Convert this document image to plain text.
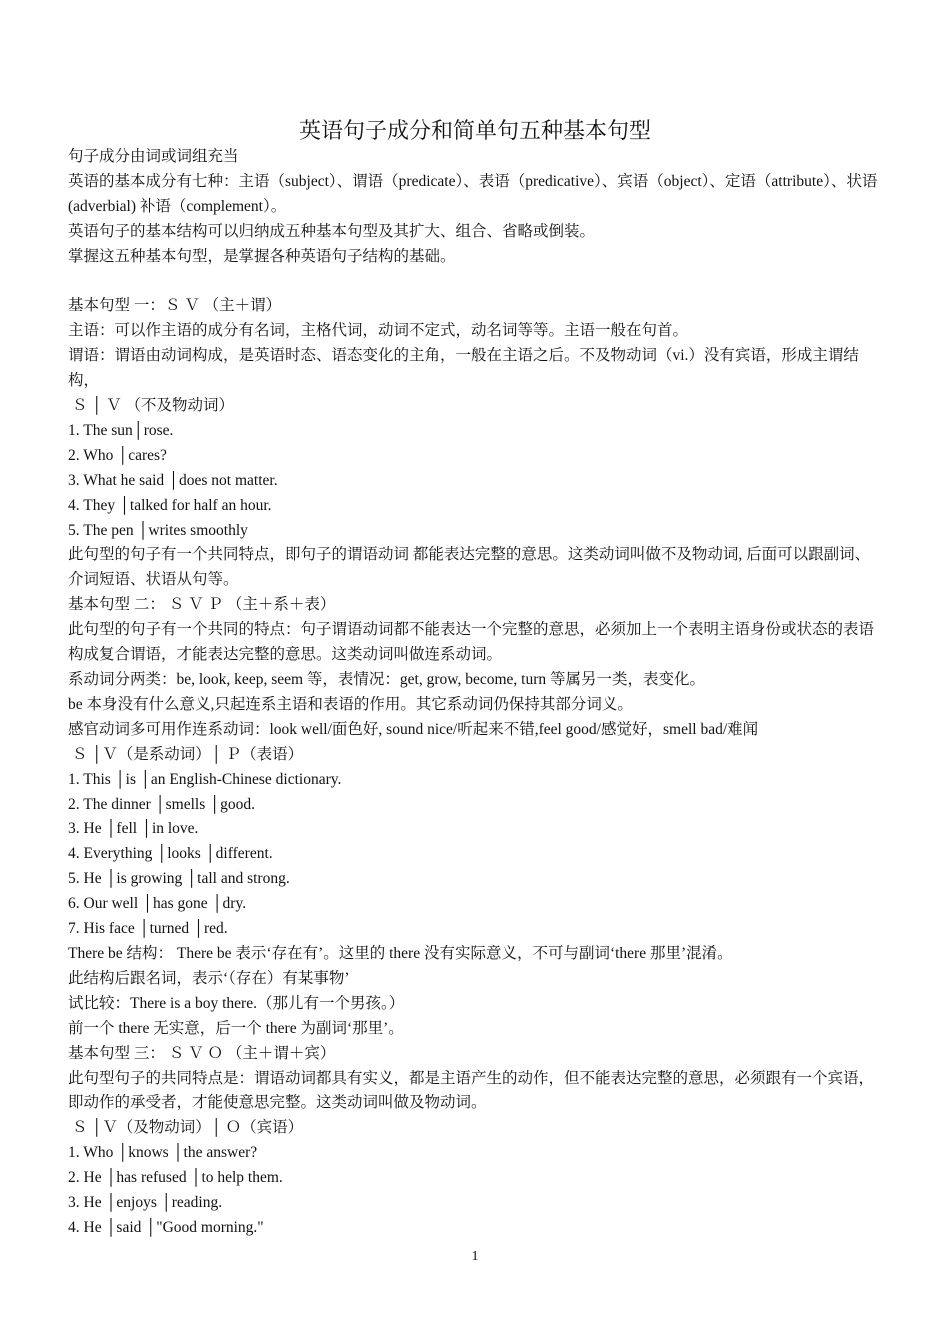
英语句子成分和简单句五种基本句型
句子成分由词或词组充当
英语的基本成分有七种：主语（subject）、谓语（predicate）、表语（predicative）、宾语（object）、定语（attribute）、状语(adverbial) 补语（complement）。
英语句子的基本结构可以归纳成五种基本句型及其扩大、组合、省略或倒装。
掌握这五种基本句型，是掌握各种英语句子结构的基础。
基本句型 一：Ｓ Ｖ （主＋谓）
主语：可以作主语的成分有名词，主格代词，动词不定式，动名词等等。主语一般在句首。
谓语：谓语由动词构成，是英语时态、语态变化的主角，一般在主语之后。不及物动词（vi.）没有宾语，形成主谓结构，
Ｓ │ Ｖ （不及物动词）
1. The sun│rose.
2. Who │cares?
3. What he said │does not matter.
4. They │talked for half an hour.
5. The pen │writes smoothly
此句型的句子有一个共同特点，即句子的谓语动词 都能表达完整的意思。这类动词叫做不及物动词, 后面可以跟副词、介词短语、状语从句等。
基本句型 二： Ｓ Ｖ Ｐ （主＋系＋表）
此句型的句子有一个共同的特点：句子谓语动词都不能表达一个完整的意思，必须加上一个表明主语身份或状态的表语构成复合谓语，才能表达完整的意思。这类动词叫做连系动词。
系动词分两类：be, look, keep, seem 等，表情况：get, grow, become, turn 等属另一类，表变化。
be 本身没有什么意义,只起连系主语和表语的作用。其它系动词仍保持其部分词义。
感官动词多可用作连系动词：look well/面色好, sound nice/听起来不错,feel good/感觉好，smell bad/难闻
Ｓ │Ｖ（是系动词）│ Ｐ（表语）
1. This │is │an English-Chinese dictionary.
2. The dinner │smells │good.
3. He │fell │in love.
4. Everything │looks │different.
5. He │is growing │tall and strong.
6. Our well │has gone │dry.
7. His face │turned │red.
There be 结构： There be 表示‘存在有’。这里的 there 没有实际意义，不可与副词‘there 那里’混淆。
此结构后跟名词，表示‘（存在）有某事物’
试比较：There is a boy there.（那儿有一个男孩。）
前一个 there 无实意，后一个 there 为副词‘那里’。
基本句型 三： Ｓ Ｖ Ｏ （主＋谓＋宾）
此句型句子的共同特点是：谓语动词都具有实义，都是主语产生的动作，但不能表达完整的意思，必须跟有一个宾语，即动作的承受者，才能使意思完整。这类动词叫做及物动词。
Ｓ │Ｖ（及物动词）│ Ｏ（宾语）
1. Who │knows │the answer?
2. He │has refused │to help them.
3. He │enjoys │reading.
4. He │said │"Good morning."
1
